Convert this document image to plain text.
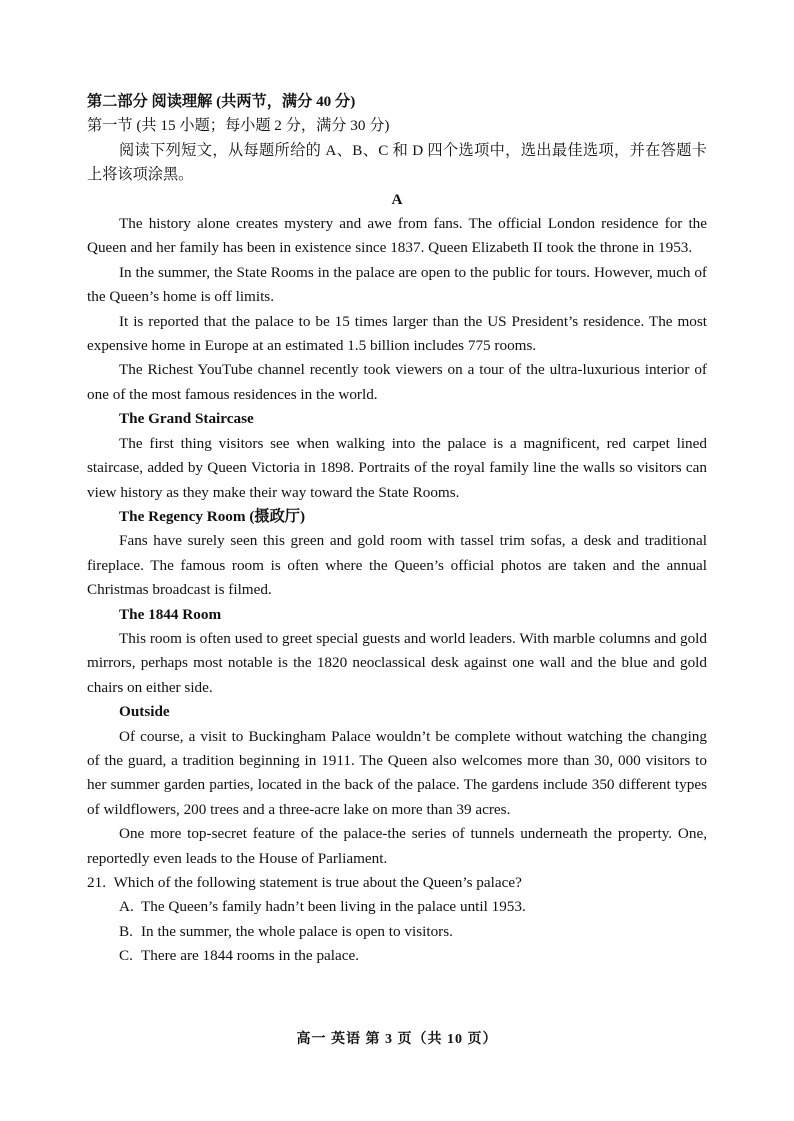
第二部分 阅读理解 (共两节，满分 40 分)

第一节 (共 15 小题；每小题 2 分，满分 30 分)

阅读下列短文，从每题所给的 A、B、C 和 D 四个选项中，选出最佳选项，并在答题卡上将该项涂黑。

A

The history alone creates mystery and awe from fans. The official London residence for the Queen and her family has been in existence since 1837. Queen Elizabeth II took the throne in 1953.

In the summer, the State Rooms in the palace are open to the public for tours. However, much of the Queen’s home is off limits.

It is reported that the palace to be 15 times larger than the US President’s residence. The most expensive home in Europe at an estimated 1.5 billion includes 775 rooms.

The Richest YouTube channel recently took viewers on a tour of the ultra-luxurious interior of one of the most famous residences in the world.

The Grand Staircase

The first thing visitors see when walking into the palace is a magnificent, red carpet lined staircase, added by Queen Victoria in 1898. Portraits of the royal family line the walls so visitors can view history as they make their way toward the State Rooms.

The Regency Room (摄政厅)

Fans have surely seen this green and gold room with tassel trim sofas, a desk and traditional fireplace. The famous room is often where the Queen’s official photos are taken and the annual Christmas broadcast is filmed.

The 1844 Room

This room is often used to greet special guests and world leaders. With marble columns and gold mirrors, perhaps most notable is the 1820 neoclassical desk against one wall and the blue and gold chairs on either side.

Outside

Of course, a visit to Buckingham Palace wouldn’t be complete without watching the changing of the guard, a tradition beginning in 1911. The Queen also welcomes more than 30, 000 visitors to her summer garden parties, located in the back of the palace. The gardens include 350 different types of wildflowers, 200 trees and a three-acre lake on more than 39 acres.

One more top-secret feature of the palace-the series of tunnels underneath the property. One, reportedly even leads to the House of Parliament.

21. Which of the following statement is true about the Queen’s palace?

A. The Queen’s family hadn’t been living in the palace until 1953.

B. In the summer, the whole palace is open to visitors.

C. There are 1844 rooms in the palace.

高一 英语 第 3 页（共 10 页）
